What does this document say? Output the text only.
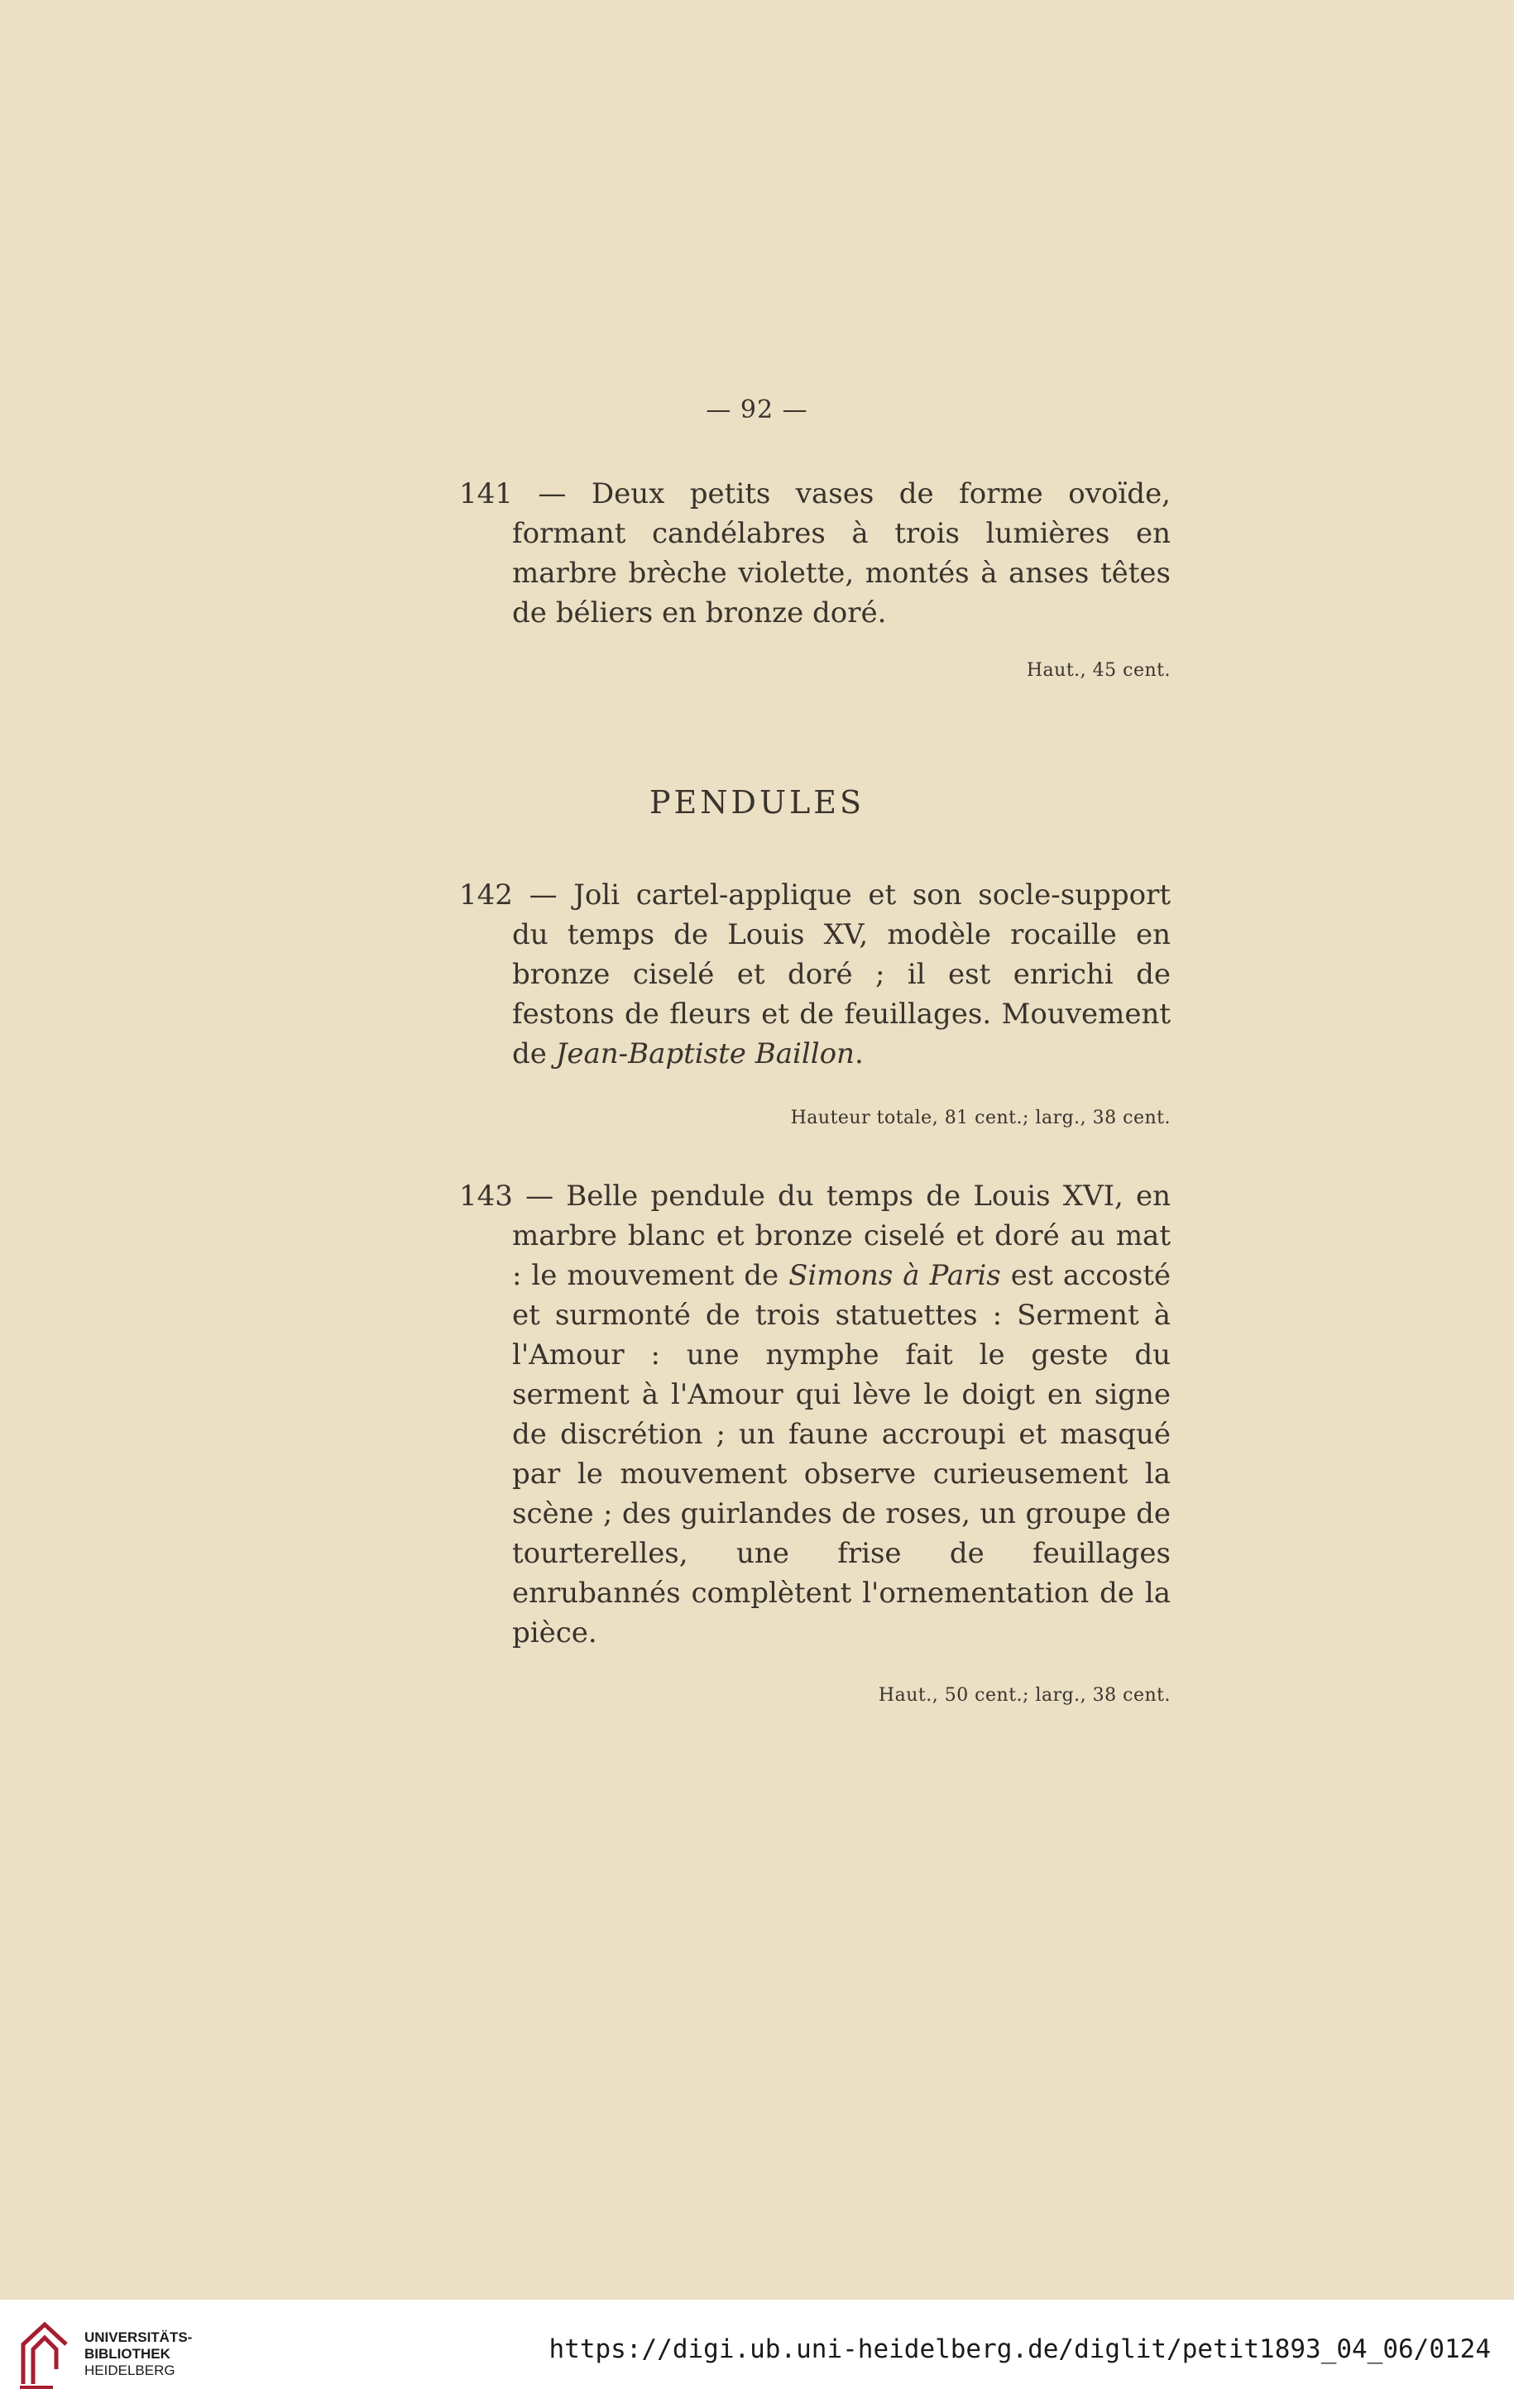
— 92 —

141 — Deux petits vases de forme ovoïde, formant candélabres à trois lumières en marbre brèche violette, montés à anses têtes de béliers en bronze doré.

Haut., 45 cent.
PENDULES

142 — Joli cartel-applique et son socle-support du temps de Louis XV, modèle rocaille en bronze ciselé et doré ; il est enrichi de festons de fleurs et de feuillages. Mouvement de Jean-Baptiste Baillon.

Hauteur totale, 81 cent.; larg., 38 cent.

143 — Belle pendule du temps de Louis XVI, en marbre blanc et bronze ciselé et doré au mat : le mouvement de Simons à Paris est accosté et surmonté de trois statuettes : Serment à l'Amour : une nymphe fait le geste du serment à l'Amour qui lève le doigt en signe de discrétion ; un faune accroupi et masqué par le mouvement observe curieusement la scène ; des guirlandes de roses, un groupe de tourterelles, une frise de feuillages enrubannés complètent l'ornementation de la pièce.

Haut., 50 cent.; larg., 38 cent.
UNIVERSITÄTS-
BIBLIOTHEK
HEIDELBERG
https://digi.ub.uni-heidelberg.de/diglit/petit1893_04_06/0124
